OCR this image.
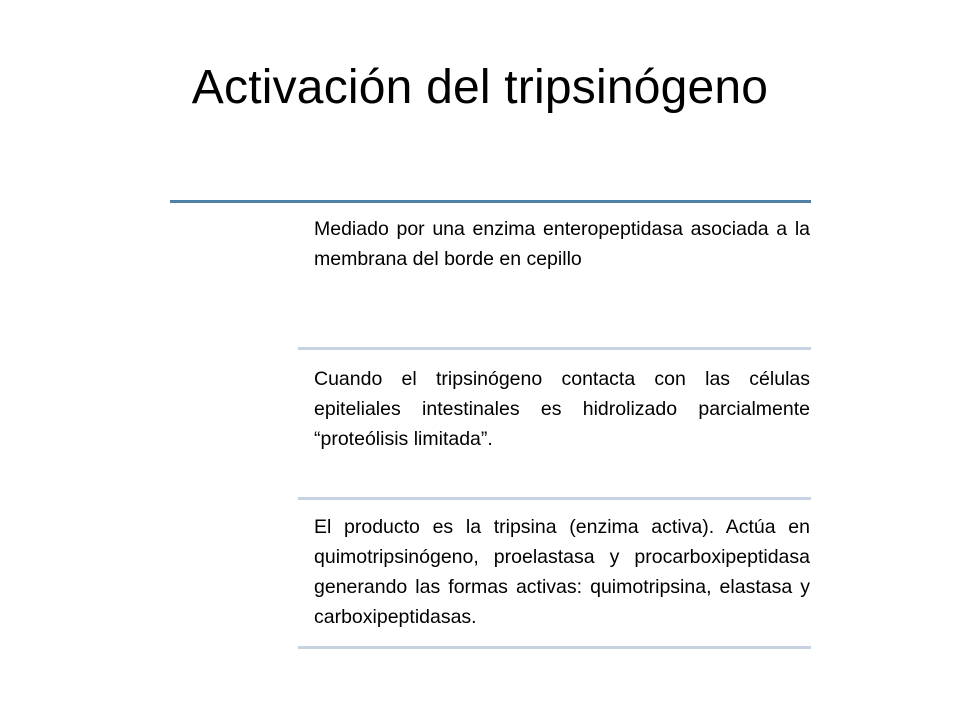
Activación del tripsinógeno

Mediado por una enzima enteropeptidasa asociada a la membrana del borde en cepillo

Cuando el tripsinógeno contacta con las células epiteliales intestinales es hidrolizado parcialmente “proteólisis limitada”.

El producto es la tripsina (enzima activa). Actúa en quimotripsinógeno, proelastasa y procarboxipeptidasa generando las formas activas: quimotripsina, elastasa y carboxipeptidasas.
